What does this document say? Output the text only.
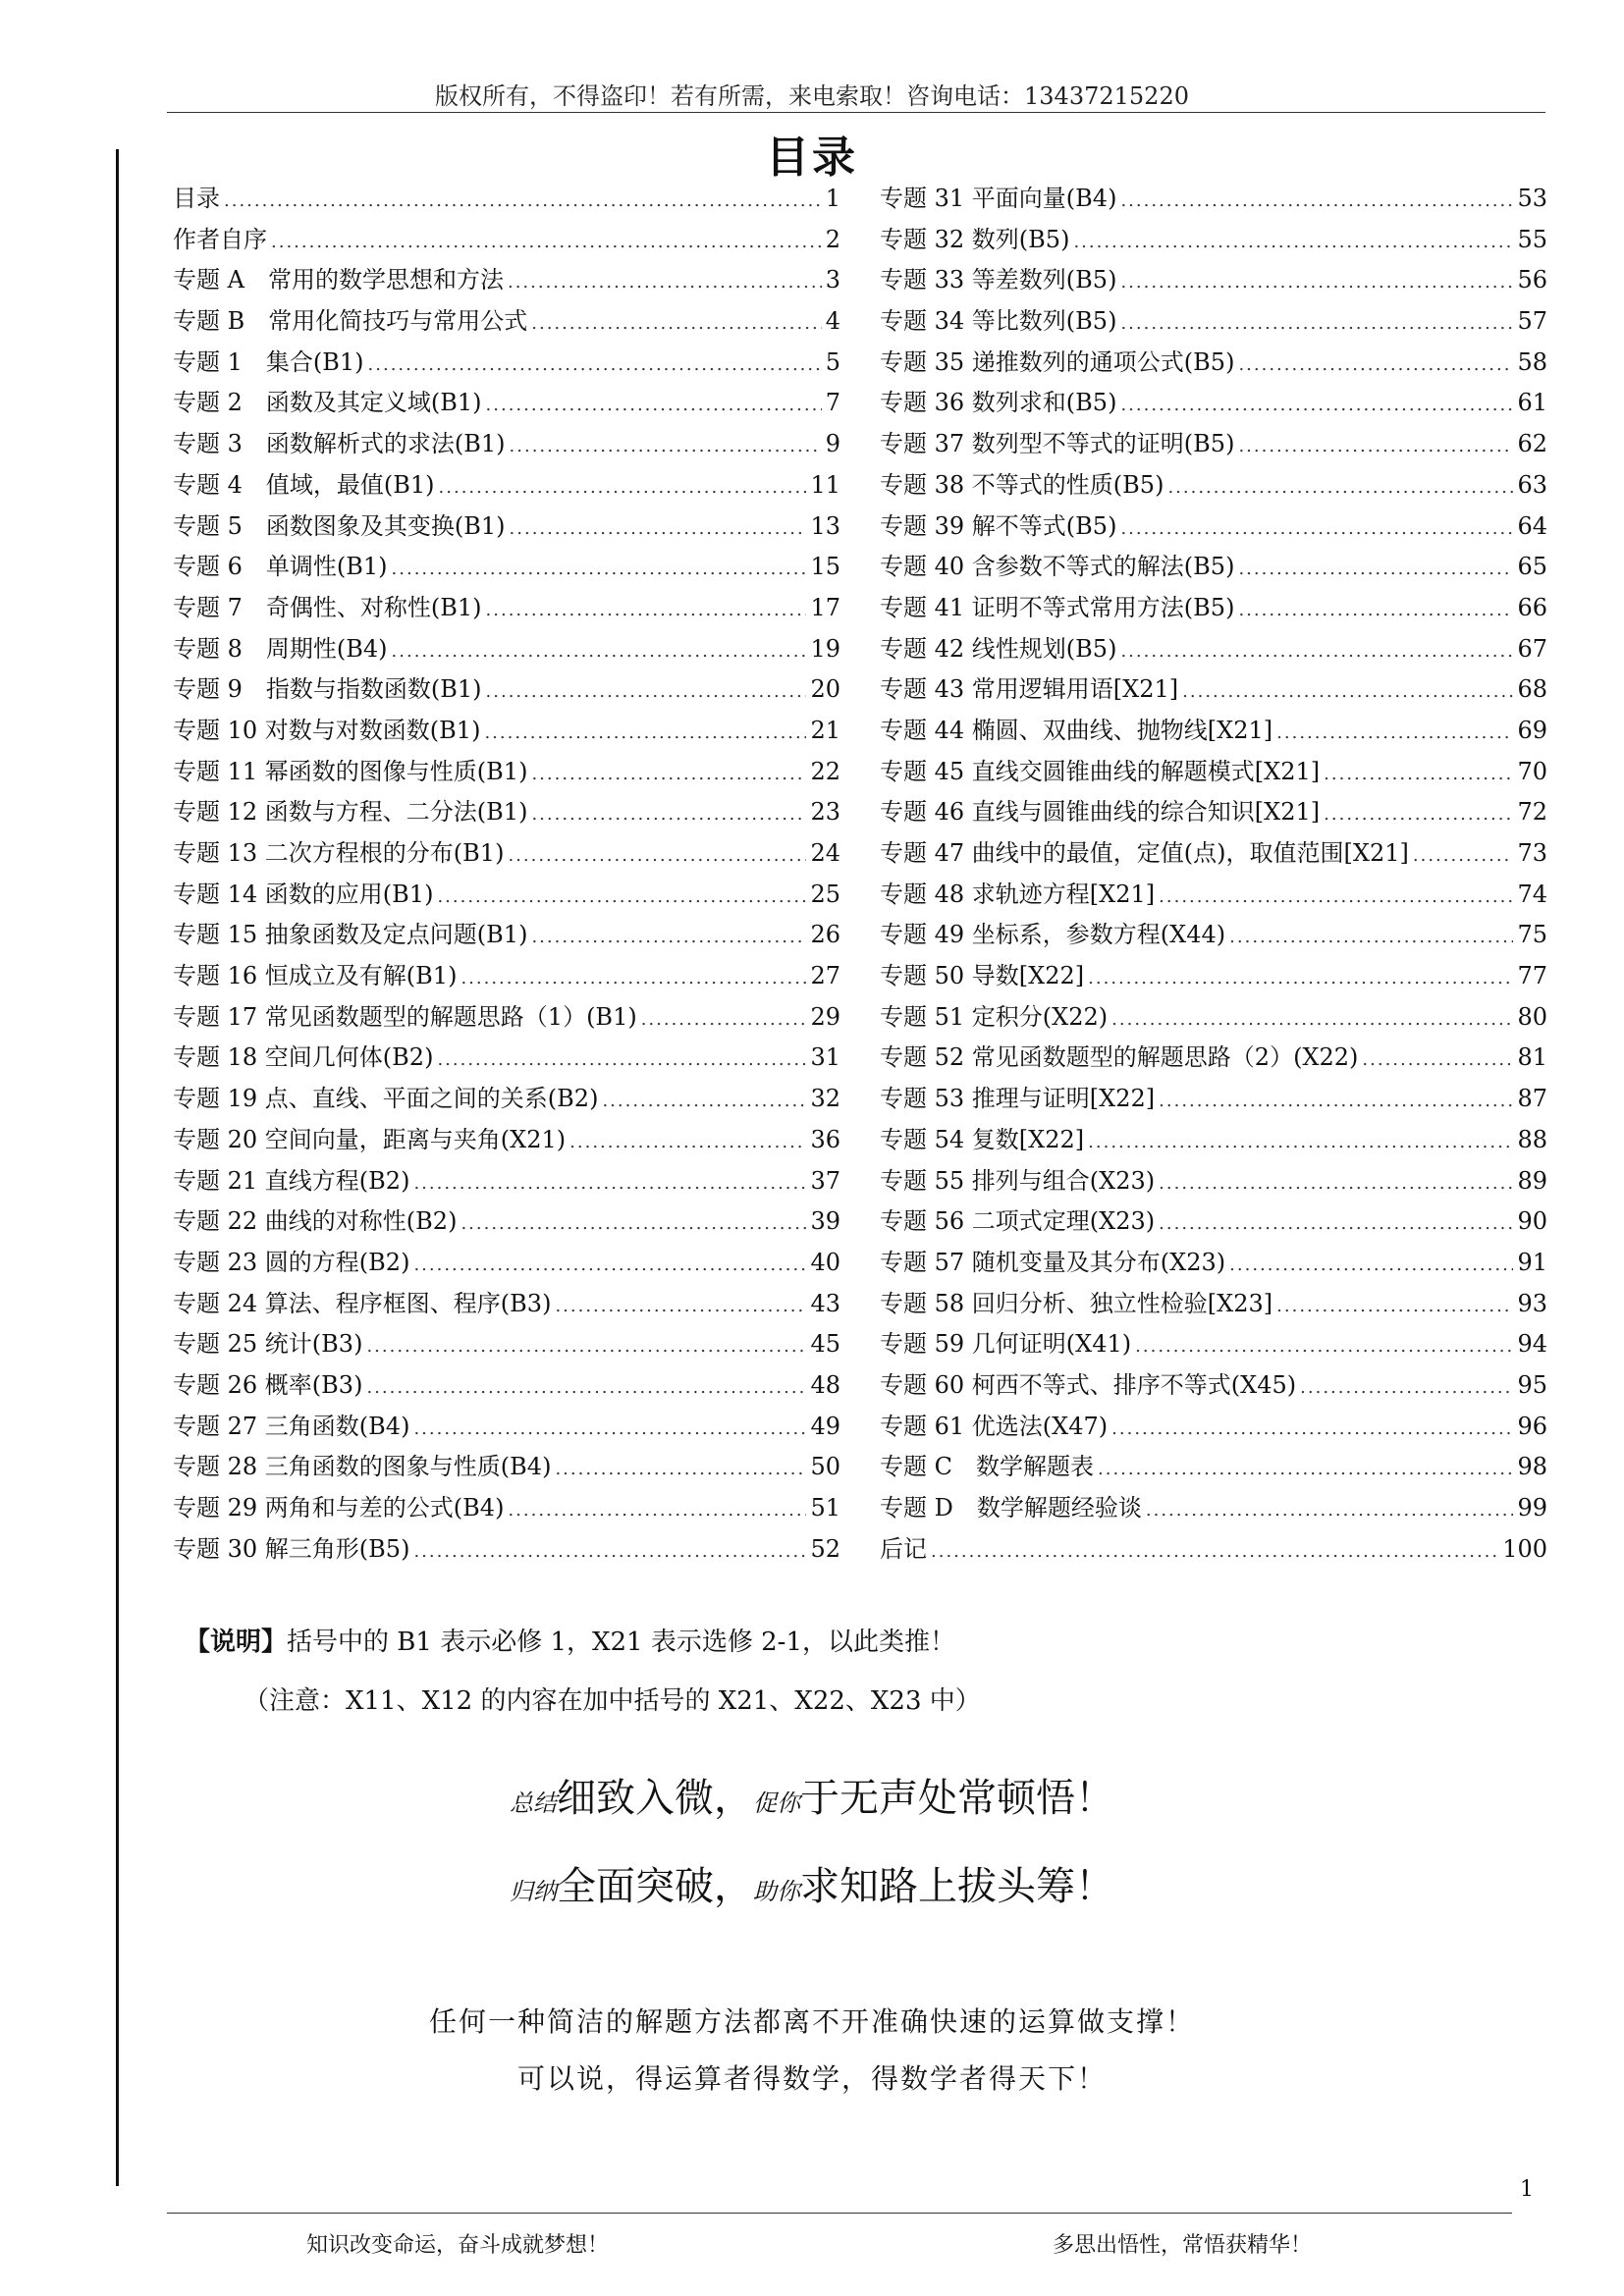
版权所有，不得盗印！若有所需，来电索取！咨询电话：13437215220
目录
目录 .....	1
作者自序 .....	2
专题 A　常用的数学思想和方法 .....	3
专题 B　常用化简技巧与常用公式 .....	4
专题 1　集合(B1) .....	5
专题 2　函数及其定义域(B1) .....	7
专题 3　函数解析式的求法(B1) .....	9
专题 4　值域，最值(B1) .....	11
专题 5　函数图象及其变换(B1) .....	13
专题 6　单调性(B1) .....	15
专题 7　奇偶性、对称性(B1) .....	17
专题 8　周期性(B4) .....	19
专题 9　指数与指数函数(B1) .....	20
专题 10 对数与对数函数(B1) .....	21
专题 11 幂函数的图像与性质(B1) .....	22
专题 12 函数与方程、二分法(B1) .....	23
专题 13 二次方程根的分布(B1) .....	24
专题 14 函数的应用(B1) .....	25
专题 15 抽象函数及定点问题(B1) .....	26
专题 16 恒成立及有解(B1) .....	27
专题 17 常见函数题型的解题思路（1）(B1) .....	29
专题 18 空间几何体(B2) .....	31
专题 19 点、直线、平面之间的关系(B2) .....	32
专题 20 空间向量，距离与夹角(X21) .....	36
专题 21 直线方程(B2) .....	37
专题 22 曲线的对称性(B2) .....	39
专题 23 圆的方程(B2) .....	40
专题 24 算法、程序框图、程序(B3) .....	43
专题 25 统计(B3) .....	45
专题 26 概率(B3) .....	48
专题 27 三角函数(B4) .....	49
专题 28 三角函数的图象与性质(B4) .....	50
专题 29 两角和与差的公式(B4) .....	51
专题 30 解三角形(B5) .....	52
专题 31 平面向量(B4) .....	53
专题 32 数列(B5) .....	55
专题 33 等差数列(B5) .....	56
专题 34 等比数列(B5) .....	57
专题 35 递推数列的通项公式(B5) .....	58
专题 36 数列求和(B5) .....	61
专题 37 数列型不等式的证明(B5) .....	62
专题 38 不等式的性质(B5) .....	63
专题 39 解不等式(B5) .....	64
专题 40 含参数不等式的解法(B5) .....	65
专题 41 证明不等式常用方法(B5) .....	66
专题 42 线性规划(B5) .....	67
专题 43 常用逻辑用语[X21] .....	68
专题 44 椭圆、双曲线、抛物线[X21] .....	69
专题 45 直线交圆锥曲线的解题模式[X21] .....	70
专题 46 直线与圆锥曲线的综合知识[X21] .....	72
专题 47 曲线中的最值，定值(点)，取值范围[X21] .....	73
专题 48 求轨迹方程[X21] .....	74
专题 49 坐标系，参数方程(X44) .....	75
专题 50 导数[X22] .....	77
专题 51 定积分(X22) .....	80
专题 52 常见函数题型的解题思路（2）(X22) .....	81
专题 53 推理与证明[X22] .....	87
专题 54 复数[X22] .....	88
专题 55 排列与组合(X23) .....	89
专题 56 二项式定理(X23) .....	90
专题 57 随机变量及其分布(X23) .....	91
专题 58 回归分析、独立性检验[X23] .....	93
专题 59 几何证明(X41) .....	94
专题 60 柯西不等式、排序不等式(X45) .....	95
专题 61 优选法(X47) .....	96
专题 C　数学解题表 .....	98
专题 D　数学解题经验谈 .....	99
后记 .....	100
【说明】括号中的 B1 表示必修 1，X21 表示选修 2-1，以此类推！
（注意：X11、X12 的内容在加中括号的 X21、X22、X23 中）
总结细致入微，促你于无声处常顿悟！
归纳全面突破，助你求知路上拔头筹！
任何一种简洁的解题方法都离不开准确快速的运算做支撑！
可以说，得运算者得数学，得数学者得天下！
1
知识改变命运，奋斗成就梦想！	多思出悟性，常悟获精华！
